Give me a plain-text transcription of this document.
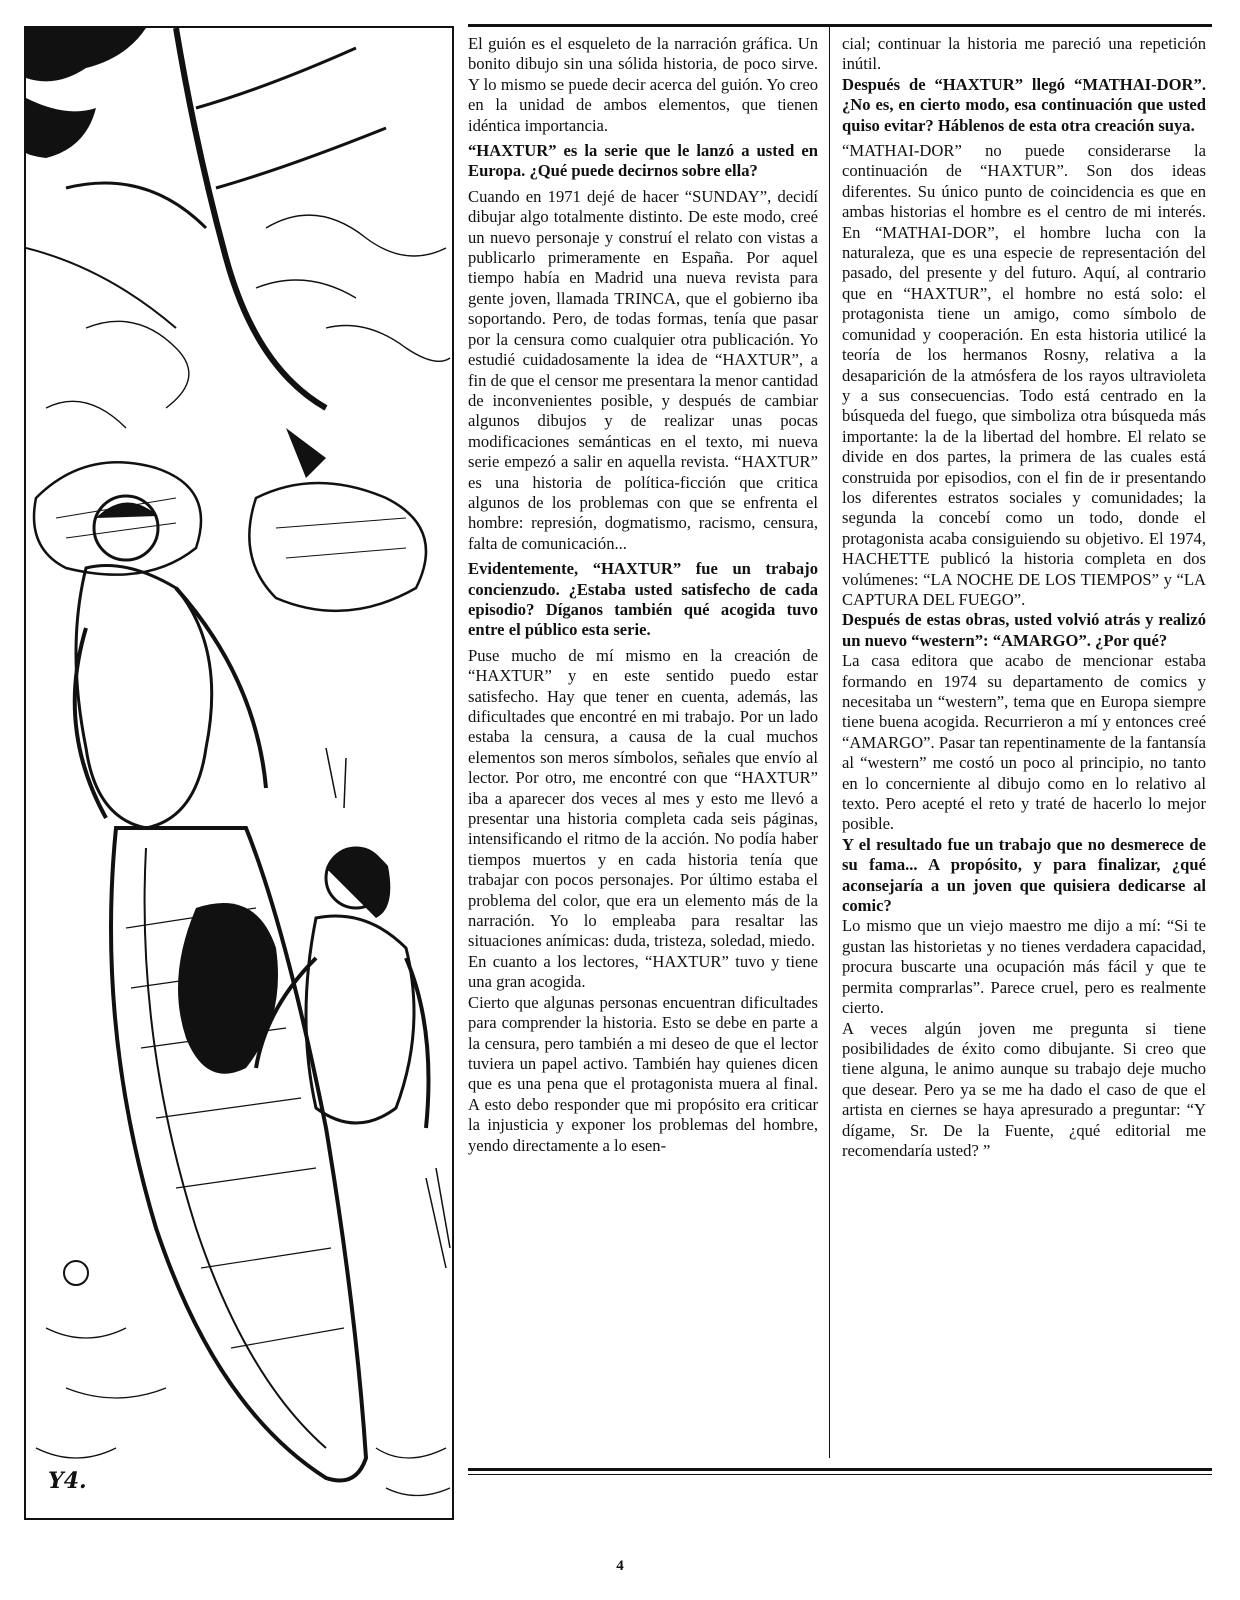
Y4.

El guión es el esqueleto de la narración gráfica. Un bonito dibujo sin una sólida historia, de poco sirve. Y lo mismo se puede decir acerca del guión. Yo creo en la unidad de ambos elementos, que tienen idéntica importancia.

“HAXTUR” es la serie que le lanzó a usted en Europa. ¿Qué puede decirnos sobre ella?

Cuando en 1971 dejé de hacer “SUNDAY”, decidí dibujar algo totalmente distinto. De este modo, creé un nuevo personaje y construí el relato con vistas a publicarlo primeramente en España. Por aquel tiempo había en Madrid una nueva revista para gente joven, llamada TRINCA, que el gobierno iba soportando. Pero, de todas formas, tenía que pasar por la censura como cualquier otra publicación. Yo estudié cuidadosamente la idea de “HAXTUR”, a fin de que el censor me presentara la menor cantidad de inconvenientes posible, y después de cambiar algunos dibujos y de realizar unas pocas modificaciones semánticas en el texto, mi nueva serie empezó a salir en aquella revista. “HAXTUR” es una historia de política-ficción que critica algunos de los problemas con que se enfrenta el hombre: represión, dogmatismo, racismo, censura, falta de comunicación...

Evidentemente, “HAXTUR” fue un trabajo concienzudo. ¿Estaba usted satisfecho de cada episodio? Díganos también qué acogida tuvo entre el público esta serie.

Puse mucho de mí mismo en la creación de “HAXTUR” y en este sentido puedo estar satisfecho. Hay que tener en cuenta, además, las dificultades que encontré en mi trabajo. Por un lado estaba la censura, a causa de la cual muchos elementos son meros símbolos, señales que envío al lector. Por otro, me encontré con que “HAXTUR” iba a aparecer dos veces al mes y esto me llevó a presentar una historia completa cada seis páginas, intensificando el ritmo de la acción. No podía haber tiempos muertos y en cada historia tenía que trabajar con pocos personajes. Por último estaba el problema del color, que era un elemento más de la narración. Yo lo empleaba para resaltar las situaciones anímicas: duda, tristeza, soledad, miedo.

En cuanto a los lectores, “HAXTUR” tuvo y tiene una gran acogida.

Cierto que algunas personas encuentran dificultades para comprender la historia. Esto se debe en parte a la censura, pero también a mi deseo de que el lector tuviera un papel activo. También hay quienes dicen que es una pena que el protagonista muera al final. A esto debo responder que mi propósito era criticar la injusticia y exponer los problemas del hombre, yendo directamente a lo esen-

cial; continuar la historia me pareció una repetición inútil.

Después de “HAXTUR” llegó “MATHAI-DOR”. ¿No es, en cierto modo, esa continuación que usted quiso evitar? Háblenos de esta otra creación suya.

“MATHAI-DOR” no puede considerarse la continuación de “HAXTUR”. Son dos ideas diferentes. Su único punto de coincidencia es que en ambas historias el hombre es el centro de mi interés. En “MATHAI-DOR”, el hombre lucha con la naturaleza, que es una especie de representación del pasado, del presente y del futuro. Aquí, al contrario que en “HAXTUR”, el hombre no está solo: el protagonista tiene un amigo, como símbolo de comunidad y cooperación. En esta historia utilicé la teoría de los hermanos Rosny, relativa a la desaparición de la atmósfera de los rayos ultravioleta y a sus consecuencias. Todo está centrado en la búsqueda del fuego, que simboliza otra búsqueda más importante: la de la libertad del hombre. El relato se divide en dos partes, la primera de las cuales está construida por episodios, con el fin de ir presentando los diferentes estratos sociales y comunidades; la segunda la concebí como un todo, donde el protagonista acaba consiguiendo su objetivo. El 1974, HACHETTE publicó la historia completa en dos volúmenes: “LA NOCHE DE LOS TIEMPOS” y “LA CAPTURA DEL FUEGO”.

Después de estas obras, usted volvió atrás y realizó un nuevo “western”: “AMARGO”. ¿Por qué?

La casa editora que acabo de mencionar estaba formando en 1974 su departamento de comics y necesitaba un “western”, tema que en Europa siempre tiene buena acogida. Recurrieron a mí y entonces creé “AMARGO”. Pasar tan repentinamente de la fantansía al “western” me costó un poco al principio, no tanto en lo concerniente al dibujo como en lo relativo al texto. Pero acepté el reto y traté de hacerlo lo mejor posible.

Y el resultado fue un trabajo que no desmerece de su fama... A propósito, y para finalizar, ¿qué aconsejaría a un joven que quisiera dedicarse al comic?

Lo mismo que un viejo maestro me dijo a mí: “Si te gustan las historietas y no tienes verdadera capacidad, procura buscarte una ocupación más fácil y que te permita comprarlas”. Parece cruel, pero es realmente cierto.

A veces algún joven me pregunta si tiene posibilidades de éxito como dibujante. Si creo que tiene alguna, le animo aunque su trabajo deje mucho que desear. Pero ya se me ha dado el caso de que el artista en ciernes se haya apresurado a preguntar: “Y dígame, Sr. De la Fuente, ¿qué editorial me recomendaría usted? ”

4
